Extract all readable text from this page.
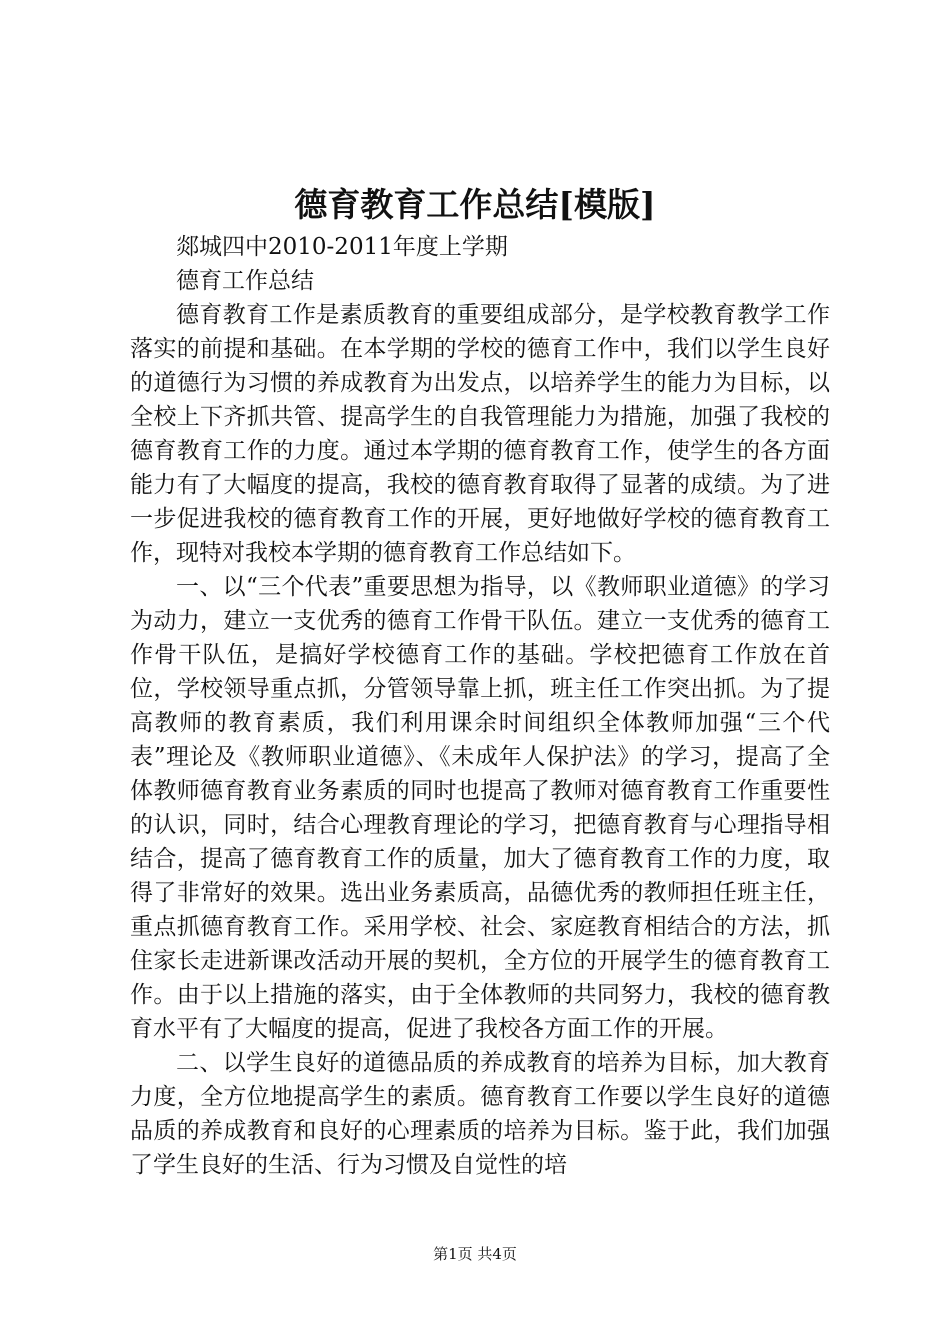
德育教育工作总结[模版]

郯城四中2010-2011年度上学期

德育工作总结

德育教育工作是素质教育的重要组成部分，是学校教育教学工作落实的前提和基础。在本学期的学校的德育工作中，我们以学生良好的道德行为习惯的养成教育为出发点，以培养学生的能力为目标，以全校上下齐抓共管、提高学生的自我管理能力为措施，加强了我校的德育教育工作的力度。通过本学期的德育教育工作，使学生的各方面能力有了大幅度的提高，我校的德育教育取得了显著的成绩。为了进一步促进我校的德育教育工作的开展，更好地做好学校的德育教育工作，现特对我校本学期的德育教育工作总结如下。

一、以“三个代表”重要思想为指导，以《教师职业道德》的学习为动力，建立一支优秀的德育工作骨干队伍。建立一支优秀的德育工作骨干队伍，是搞好学校德育工作的基础。学校把德育工作放在首位，学校领导重点抓，分管领导靠上抓，班主任工作突出抓。为了提高教师的教育素质，我们利用课余时间组织全体教师加强“三个代表”理论及《教师职业道德》、《未成年人保护法》的学习，提高了全体教师德育教育业务素质的同时也提高了教师对德育教育工作重要性的认识，同时，结合心理教育理论的学习，把德育教育与心理指导相结合，提高了德育教育工作的质量，加大了德育教育工作的力度，取得了非常好的效果。选出业务素质高，品德优秀的教师担任班主任，重点抓德育教育工作。采用学校、社会、家庭教育相结合的方法，抓住家长走进新课改活动开展的契机，全方位的开展学生的德育教育工作。由于以上措施的落实，由于全体教师的共同努力，我校的德育教育水平有了大幅度的提高，促进了我校各方面工作的开展。

二、以学生良好的道德品质的养成教育的培养为目标，加大教育力度，全方位地提高学生的素质。德育教育工作要以学生良好的道德品质的养成教育和良好的心理素质的培养为目标。鉴于此，我们加强了学生良好的生活、行为习惯及自觉性的培

第1页 共4页
